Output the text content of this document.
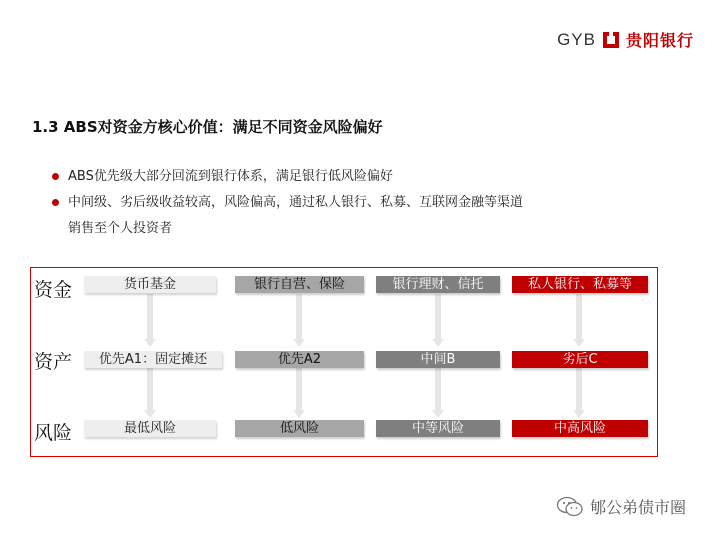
GYB 贵阳银行
1.3 ABS对资金方核心价值：满足不同资金风险偏好
ABS优先级大部分回流到银行体系，满足银行低风险偏好
中间级、劣后级收益较高，风险偏高，通过私人银行、私募、互联网金融等渠道
销售至个人投资者
资金
资产
风险
货币基金
优先A1：固定摊还
最低风险
银行自营、保险
优先A2
低风险
银行理财、信托
中间B
中等风险
私人银行、私募等
劣后C
中高风险
郇公弟债市圈
